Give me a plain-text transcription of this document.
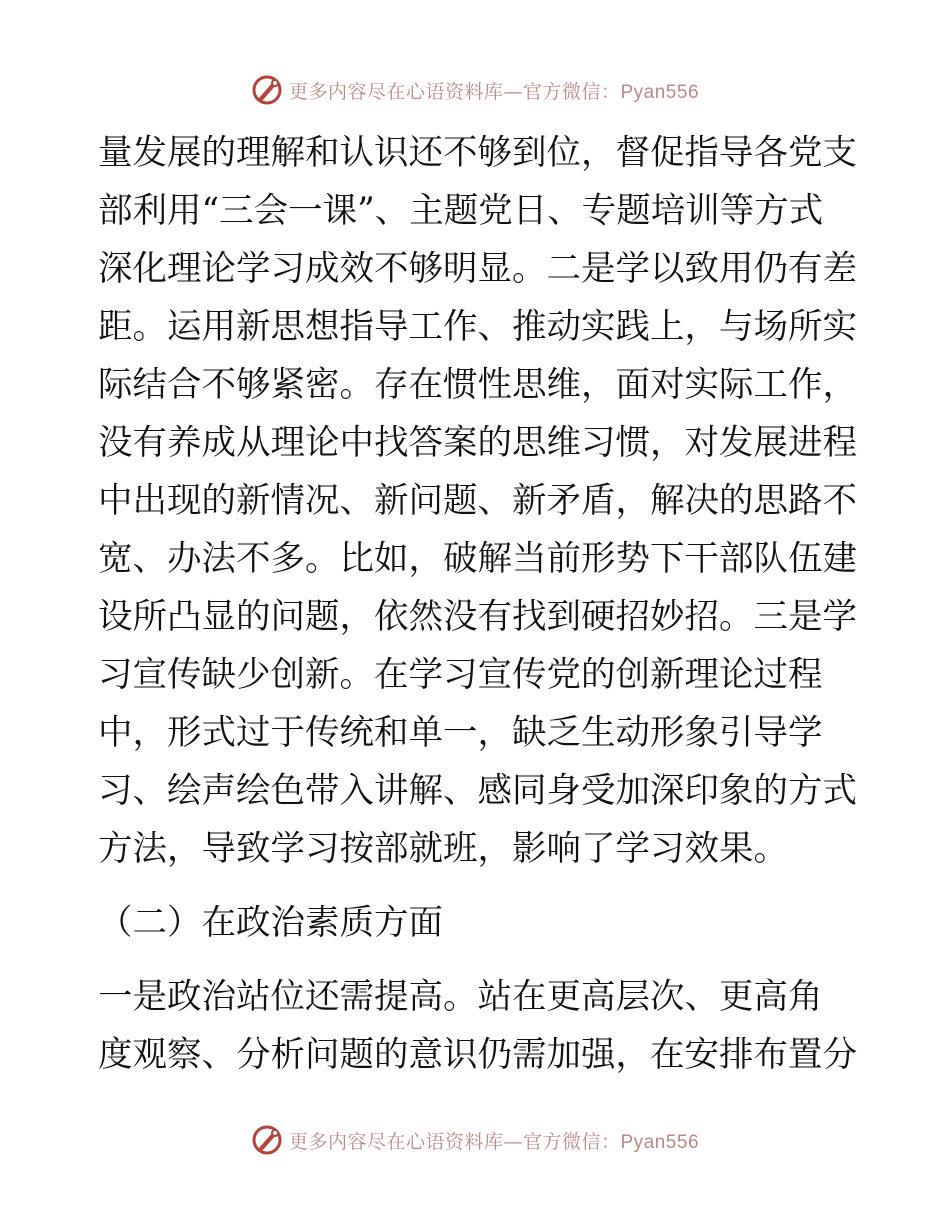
更多内容尽在心语资料库—官方微信：Pyan556
量发展的理解和认识还不够到位，督促指导各党支
部利用“三会一课”、主题党日、专题培训等方式
深化理论学习成效不够明显。二是学以致用仍有差
距。运用新思想指导工作、推动实践上，与场所实
际结合不够紧密。存在惯性思维，面对实际工作，
没有养成从理论中找答案的思维习惯，对发展进程
中出现的新情况、新问题、新矛盾，解决的思路不
宽、办法不多。比如，破解当前形势下干部队伍建
设所凸显的问题，依然没有找到硬招妙招。三是学
习宣传缺少创新。在学习宣传党的创新理论过程
中，形式过于传统和单一，缺乏生动形象引导学
习、绘声绘色带入讲解、感同身受加深印象的方式
方法，导致学习按部就班，影响了学习效果。
（二）在政治素质方面
一是政治站位还需提高。站在更高层次、更高角
度观察、分析问题的意识仍需加强，在安排布置分
更多内容尽在心语资料库—官方微信：Pyan556
